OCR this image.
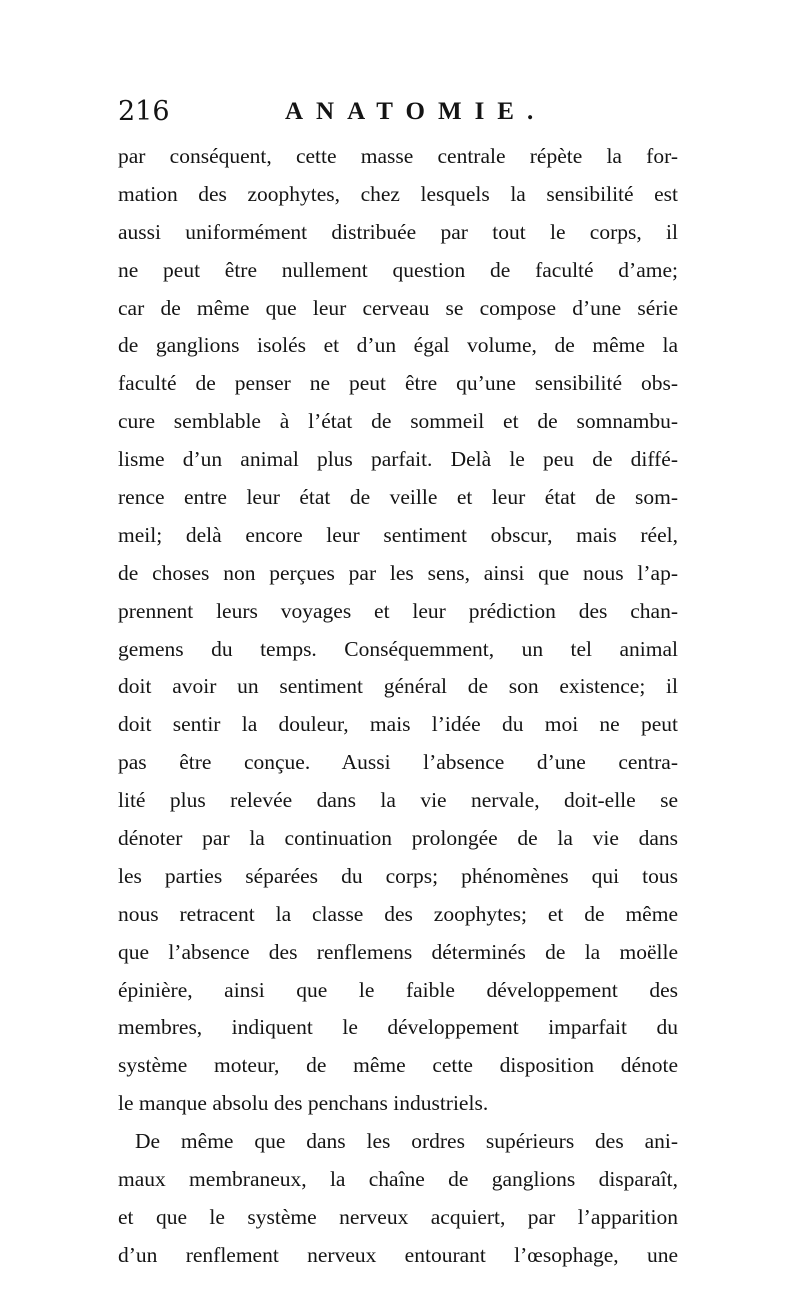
216	ANATOMIE.
par conséquent, cette masse centrale répète la for-
mation des zoophytes, chez lesquels la sensibilité est
aussi uniformément distribuée par tout le corps, il
ne peut être nullement question de faculté d’ame;
car de même que leur cerveau se compose d’une série
de ganglions isolés et d’un égal volume, de même la
faculté de penser ne peut être qu’une sensibilité obs-
cure semblable à l’état de sommeil et de somnambu-
lisme d’un animal plus parfait. Delà le peu de diffé-
rence entre leur état de veille et leur état de som-
meil; delà encore leur sentiment obscur, mais réel,
de choses non perçues par les sens, ainsi que nous l’ap-
prennent leurs voyages et leur prédiction des chan-
gemens du temps. Conséquemment, un tel animal
doit avoir un sentiment général de son existence; il
doit sentir la douleur, mais l’idée du moi ne peut
pas être conçue. Aussi l’absence d’une centra-
lité plus relevée dans la vie nervale, doit-elle se
dénoter par la continuation prolongée de la vie dans
les parties séparées du corps; phénomènes qui tous
nous retracent la classe des zoophytes; et de même
que l’absence des renflemens déterminés de la moëlle
épinière, ainsi que le faible développement des
membres, indiquent le développement imparfait du
système moteur, de même cette disposition dénote
le manque absolu des penchans industriels.
De même que dans les ordres supérieurs des ani-
maux membraneux, la chaîne de ganglions disparaît,
et que le système nerveux acquiert, par l’apparition
d’un renflement nerveux entourant l’œsophage, une
